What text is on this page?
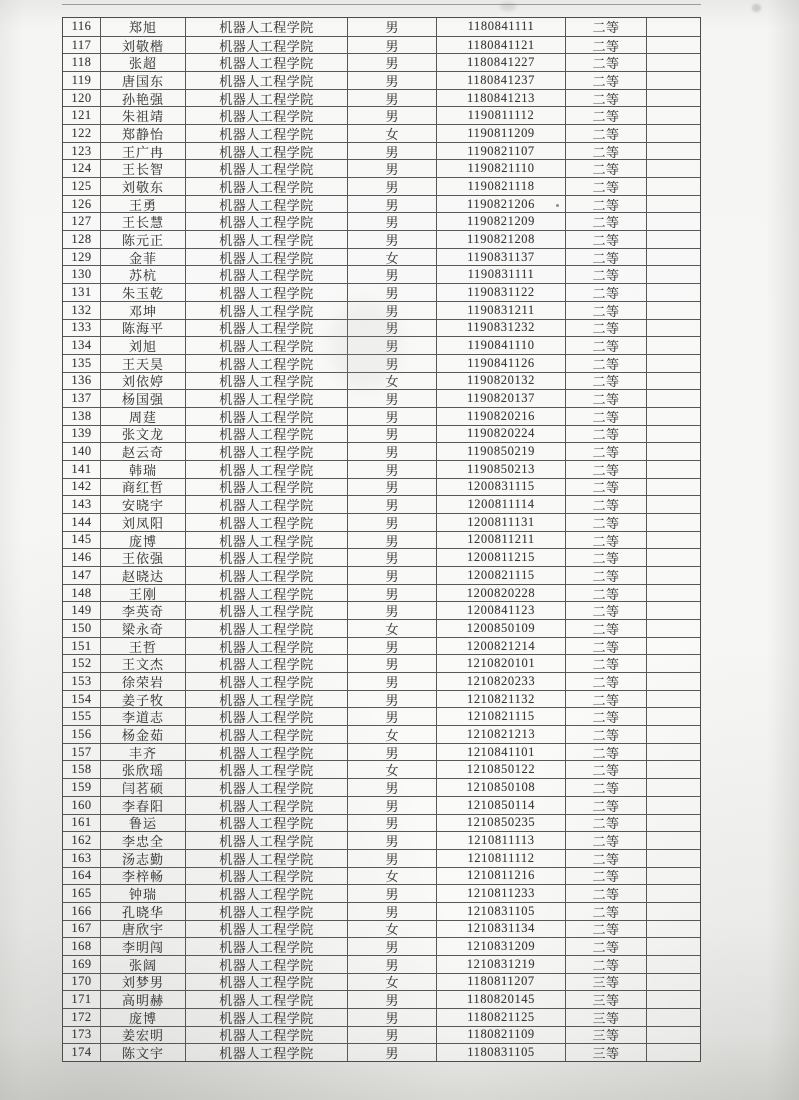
116	郑旭	机器人工程学院	男	1180841111	二等
117	刘敬楷	机器人工程学院	男	1180841121	二等
118	张超	机器人工程学院	男	1180841227	二等
119	唐国东	机器人工程学院	男	1180841237	二等
120	孙艳强	机器人工程学院	男	1180841213	二等
121	朱祖靖	机器人工程学院	男	1190811112	二等
122	郑静怡	机器人工程学院	女	1190811209	二等
123	王广冉	机器人工程学院	男	1190821107	二等
124	王长智	机器人工程学院	男	1190821110	二等
125	刘敬东	机器人工程学院	男	1190821118	二等
126	王勇	机器人工程学院	男	1190821206	二等
127	王长慧	机器人工程学院	男	1190821209	二等
128	陈元正	机器人工程学院	男	1190821208	二等
129	金菲	机器人工程学院	女	1190831137	二等
130	苏杭	机器人工程学院	男	1190831111	二等
131	朱玉乾	机器人工程学院	男	1190831122	二等
132	邓坤	机器人工程学院	男	1190831211	二等
133	陈海平	机器人工程学院	男	1190831232	二等
134	刘旭	机器人工程学院	男	1190841110	二等
135	王天昊	机器人工程学院	男	1190841126	二等
136	刘依婷	机器人工程学院	女	1190820132	二等
137	杨国强	机器人工程学院	男	1190820137	二等
138	周莛	机器人工程学院	男	1190820216	二等
139	张文龙	机器人工程学院	男	1190820224	二等
140	赵云奇	机器人工程学院	男	1190850219	二等
141	韩瑞	机器人工程学院	男	1190850213	二等
142	商红哲	机器人工程学院	男	1200831115	二等
143	安晓宇	机器人工程学院	男	1200811114	二等
144	刘凤阳	机器人工程学院	男	1200811131	二等
145	庞博	机器人工程学院	男	1200811211	二等
146	王依强	机器人工程学院	男	1200811215	二等
147	赵晓达	机器人工程学院	男	1200821115	二等
148	王刚	机器人工程学院	男	1200820228	二等
149	李英奇	机器人工程学院	男	1200841123	二等
150	梁永奇	机器人工程学院	女	1200850109	二等
151	王哲	机器人工程学院	男	1200821214	二等
152	王文杰	机器人工程学院	男	1210820101	二等
153	徐荣岩	机器人工程学院	男	1210820233	二等
154	姜子牧	机器人工程学院	男	1210821132	二等
155	李道志	机器人工程学院	男	1210821115	二等
156	杨金茹	机器人工程学院	女	1210821213	二等
157	丰齐	机器人工程学院	男	1210841101	二等
158	张欣瑶	机器人工程学院	女	1210850122	二等
159	闫茗硕	机器人工程学院	男	1210850108	二等
160	李春阳	机器人工程学院	男	1210850114	二等
161	鲁运	机器人工程学院	男	1210850235	二等
162	李忠全	机器人工程学院	男	1210811113	二等
163	汤志勤	机器人工程学院	男	1210811112	二等
164	李梓畅	机器人工程学院	女	1210811216	二等
165	钟瑞	机器人工程学院	男	1210811233	二等
166	孔晓华	机器人工程学院	男	1210831105	二等
167	唐欣宇	机器人工程学院	女	1210831134	二等
168	李明闯	机器人工程学院	男	1210831209	二等
169	张阔	机器人工程学院	男	1210831219	二等
170	刘梦男	机器人工程学院	女	1180811207	三等
171	高明赫	机器人工程学院	男	1180820145	三等
172	庞博	机器人工程学院	男	1180821125	三等
173	姜宏明	机器人工程学院	男	1180821109	三等
174	陈文宇	机器人工程学院	男	1180831105	三等
